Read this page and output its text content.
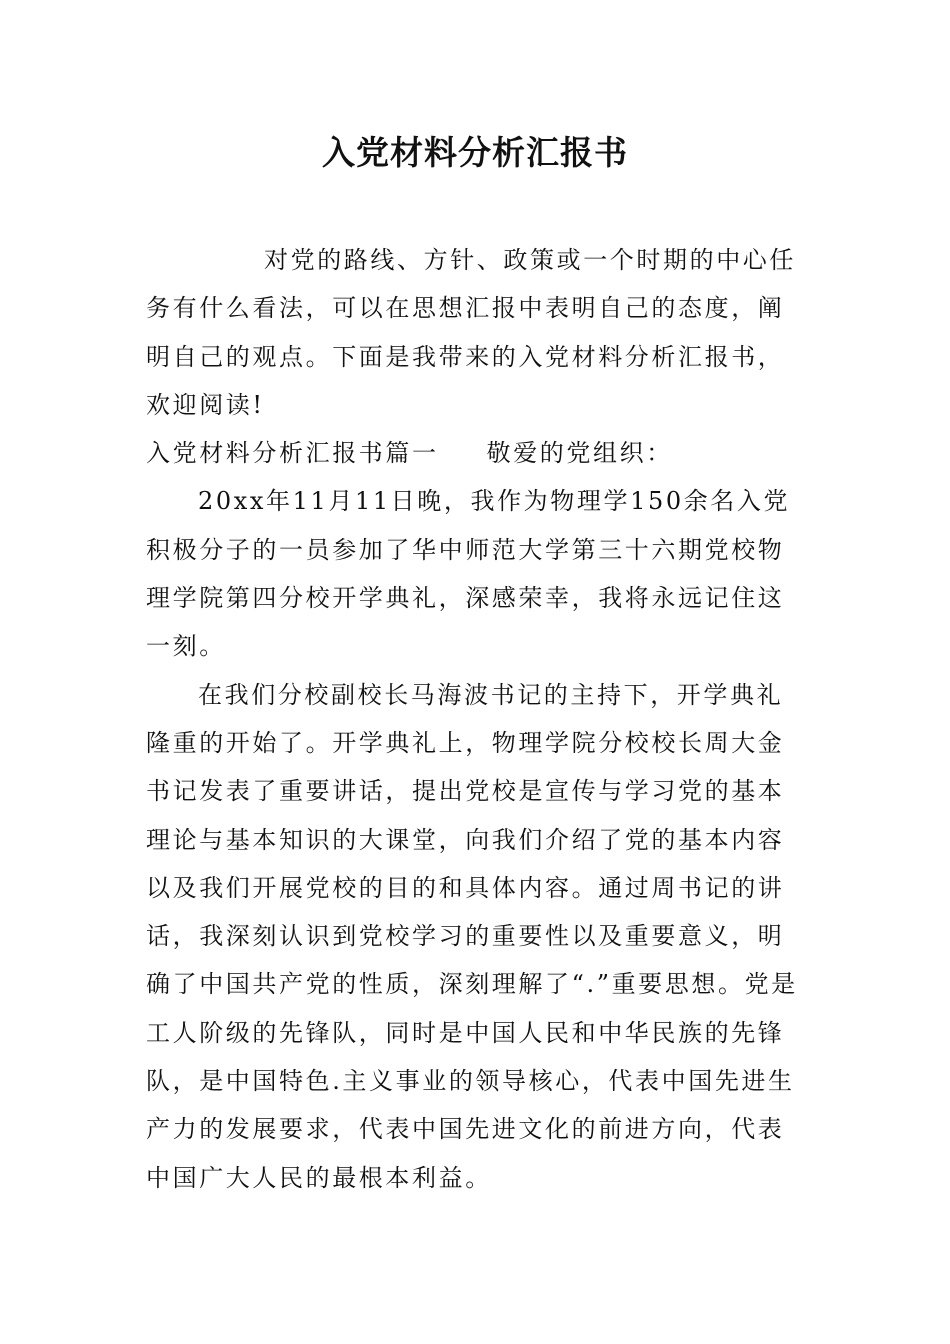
入党材料分析汇报书

对党的路线、方针、政策或一个时期的中心任务有什么看法，可以在思想汇报中表明自己的态度，阐明自己的观点。下面是我带来的入党材料分析汇报书，欢迎阅读!

入党材料分析汇报书篇一 敬爱的党组织：

20xx年11月11日晚，我作为物理学150余名入党积极分子的一员参加了华中师范大学第三十六期党校物理学院第四分校开学典礼，深感荣幸，我将永远记住这一刻。

在我们分校副校长马海波书记的主持下，开学典礼隆重的开始了。开学典礼上，物理学院分校校长周大金书记发表了重要讲话，提出党校是宣传与学习党的基本理论与基本知识的大课堂，向我们介绍了党的基本内容以及我们开展党校的目的和具体内容。通过周书记的讲话，我深刻认识到党校学习的重要性以及重要意义，明确了中国共产党的性质，深刻理解了“.”重要思想。党是工人阶级的先锋队，同时是中国人民和中华民族的先锋队，是中国特色.主义事业的领导核心，代表中国先进生产力的发展要求，代表中国先进文化的前进方向，代表中国广大人民的最根本利益。
